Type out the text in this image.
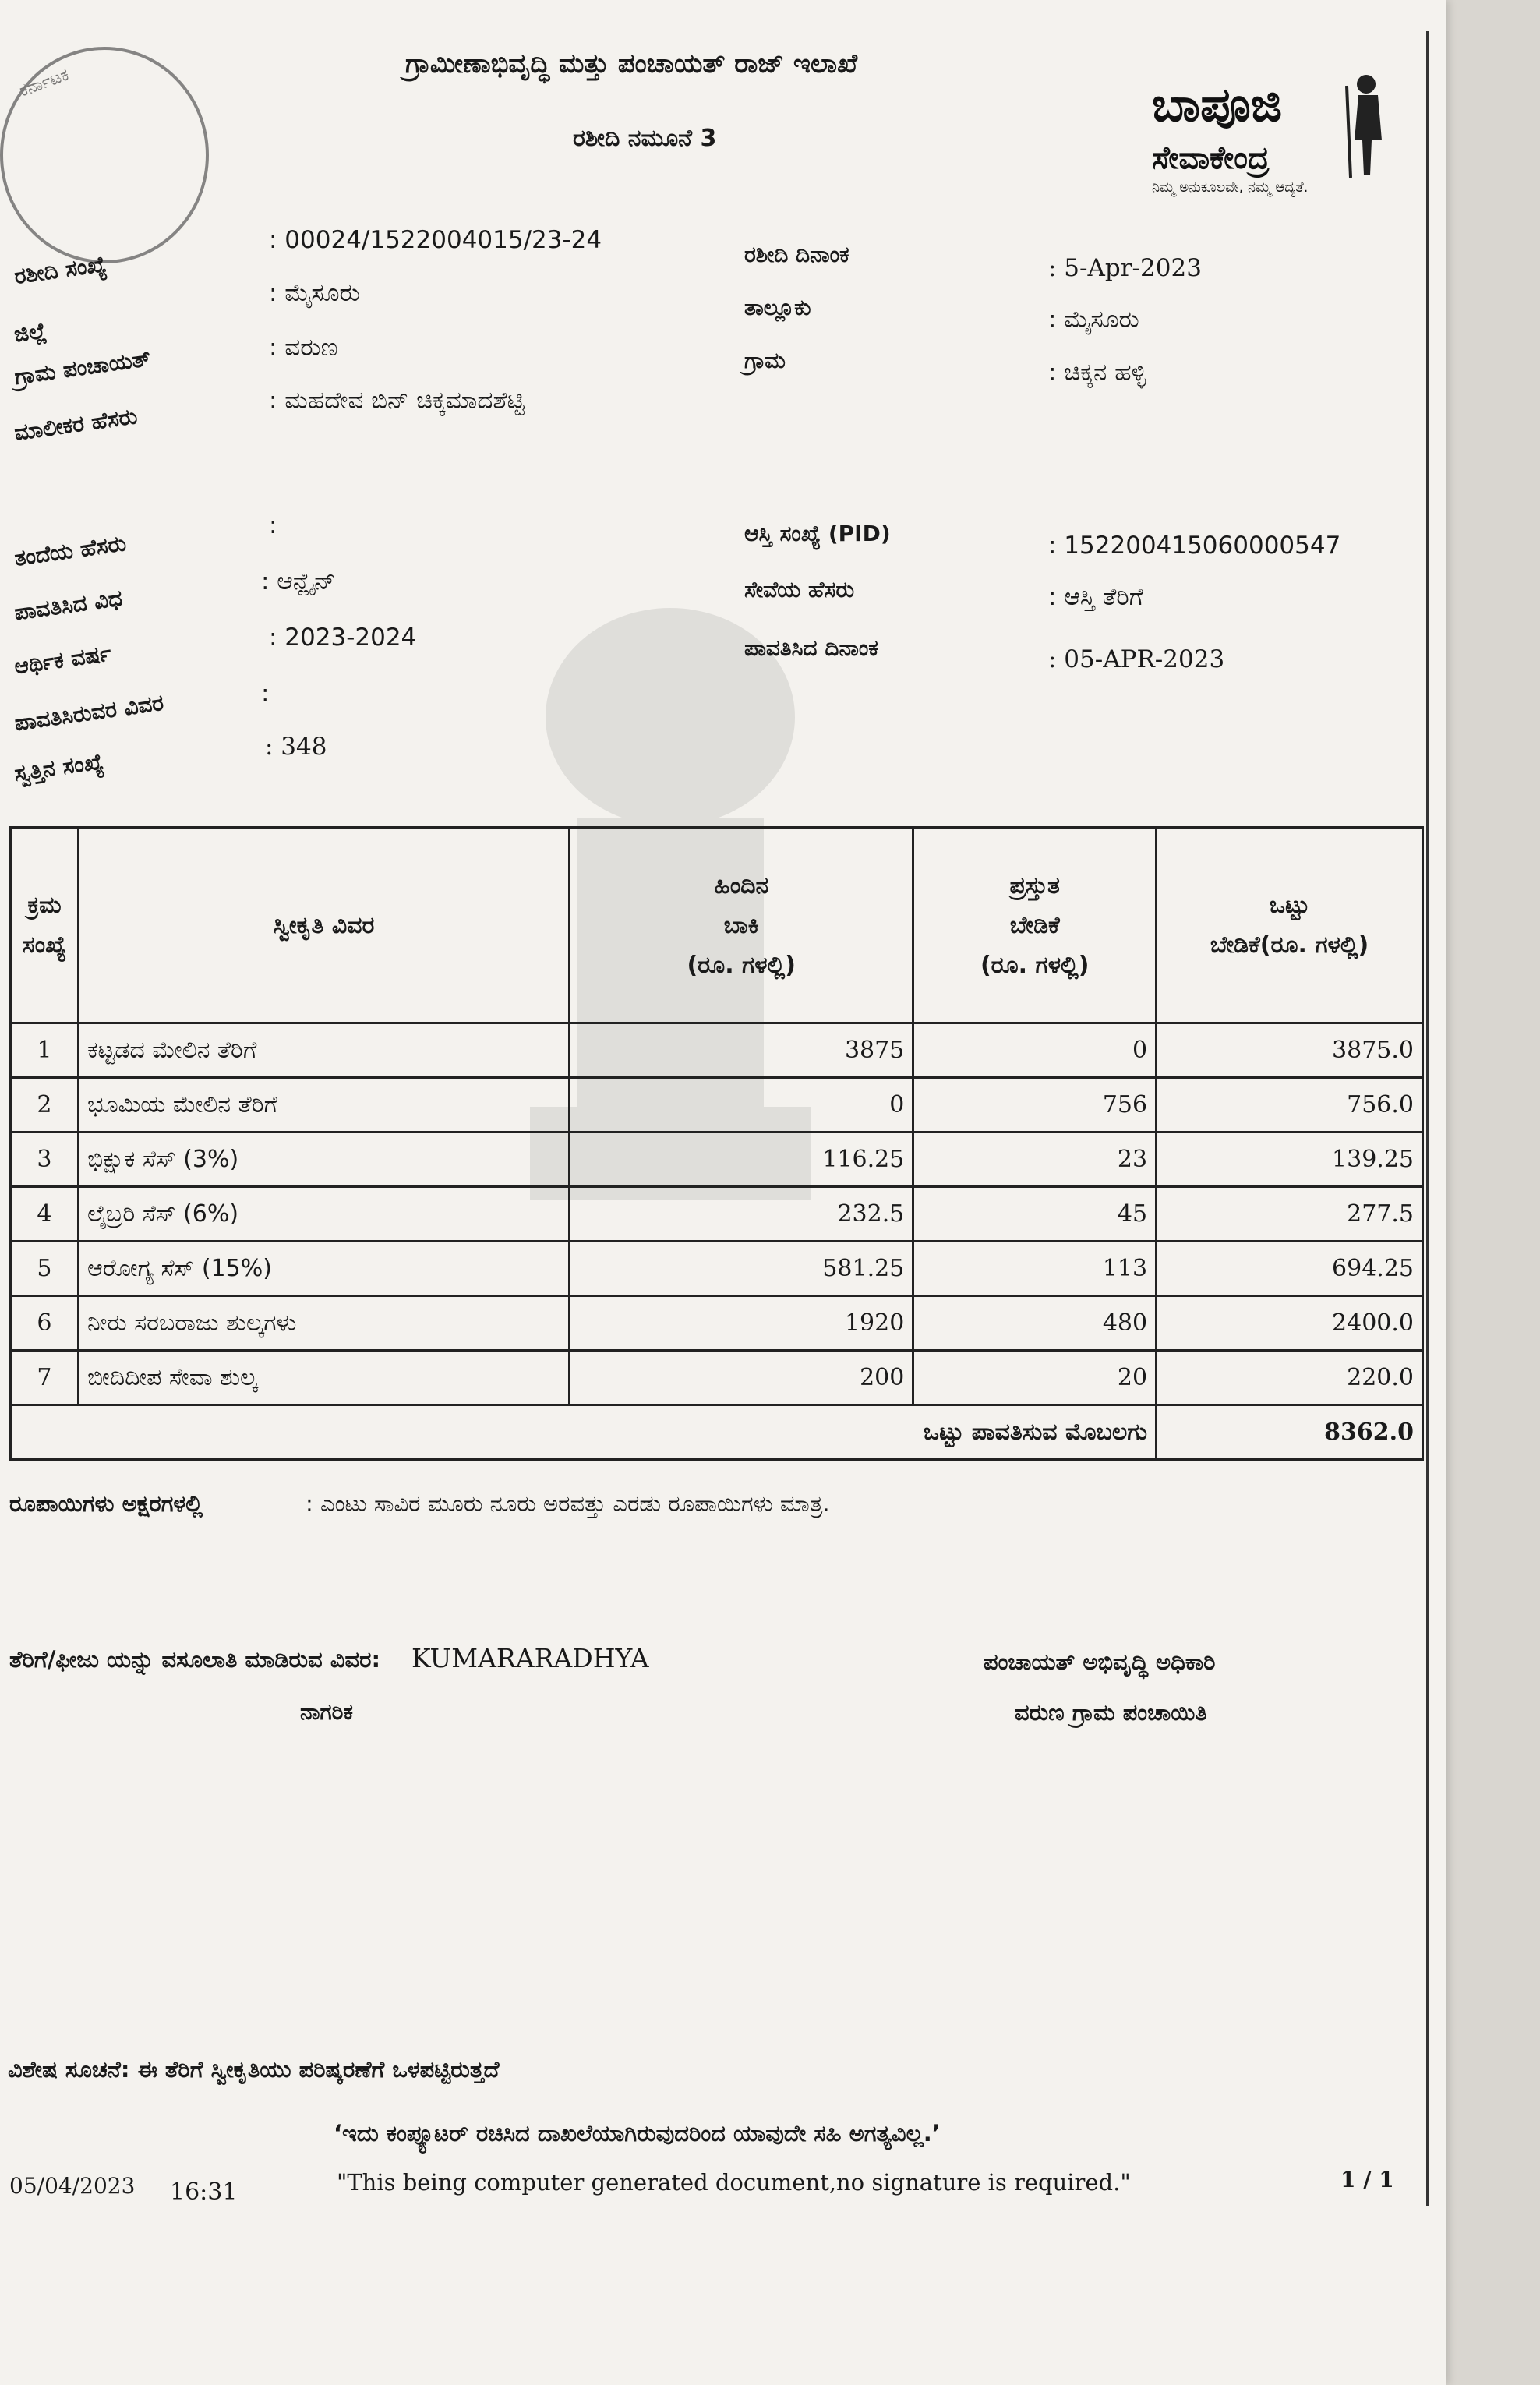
ಕರ್ನಾಟಕ
ಗ್ರಾಮೀಣಾಭಿವೃದ್ಧಿ ಮತ್ತು ಪಂಚಾಯತ್ ರಾಜ್ ಇಲಾಖೆ
ರಶೀದಿ ನಮೂನೆ 3
ಬಾಪೂಜಿ
ಸೇವಾಕೇಂದ್ರ
ನಿಮ್ಮ ಅನುಕೂಲವೇ, ನಮ್ಮ ಆದ್ಯತೆ.
ರಶೀದಿ ಸಂಖ್ಯೆ
: 00024/1522004015/23-24
ಜಿಲ್ಲೆ
: ಮೈಸೂರು
ಗ್ರಾಮ ಪಂಚಾಯತ್	: ವರುಣ
ಮಾಲೀಕರ ಹೆಸರು
: ಮಹದೇವ ಬಿನ್ ಚಿಕ್ಕಮಾದಶೆಟ್ಟಿ
ತಂದೆಯ ಹೆಸರು
:
ಪಾವತಿಸಿದ ವಿಧ
: ಆನ್ಲೈನ್
ಆರ್ಥಿಕ ವರ್ಷ
: 2023-2024
ಪಾವತಿಸಿರುವರ ವಿವರ	:
ಸ್ವತ್ತಿನ ಸಂಖ್ಯೆ
: 348
ರಶೀದಿ ದಿನಾಂಕ	: 5-Apr-2023
ತಾಲ್ಲೂಕು	: ಮೈಸೂರು
ಗ್ರಾಮ	: ಚಿಕ್ಕನ ಹಳ್ಳಿ
ಆಸ್ತಿ ಸಂಖ್ಯೆ (PID)	: 152200415060000547
ಸೇವೆಯ ಹೆಸರು	: ಆಸ್ತಿ ತೆರಿಗೆ
ಪಾವತಿಸಿದ ದಿನಾಂಕ	: 05-APR-2023
ಕ್ರಮ
ಸಂಖ್ಯೆ	ಸ್ವೀಕೃತಿ ವಿವರ	ಹಿಂದಿನ
ಬಾಕಿ
(ರೂ. ಗಳಲ್ಲಿ)	ಪ್ರಸ್ತುತ
ಬೇಡಿಕೆ
(ರೂ. ಗಳಲ್ಲಿ)	ಒಟ್ಟು
ಬೇಡಿಕೆ(ರೂ. ಗಳಲ್ಲಿ)
1	ಕಟ್ಟಡದ ಮೇಲಿನ ತೆರಿಗೆ	3875	0	3875.0
2	ಭೂಮಿಯ ಮೇಲಿನ ತೆರಿಗೆ	0	756	756.0
3	ಭಿಕ್ಷುಕ ಸೆಸ್ (3%)	116.25	23	139.25
4	ಲೈಬ್ರರಿ ಸೆಸ್ (6%)	232.5	45	277.5
5	ಆರೋಗ್ಯ ಸೆಸ್ (15%)	581.25	113	694.25
6	ನೀರು ಸರಬರಾಜು ಶುಲ್ಕಗಳು	1920	480	2400.0
7	ಬೀದಿದೀಪ ಸೇವಾ ಶುಲ್ಕ	200	20	220.0
ಒಟ್ಟು ಪಾವತಿಸುವ ಮೊಬಲಗು				8362.0
ರೂಪಾಯಿಗಳು ಅಕ್ಷರಗಳಲ್ಲಿ	: ಎಂಟು ಸಾವಿರ ಮೂರು ನೂರು ಅರವತ್ತು ಎರಡು ರೂಪಾಯಿಗಳು ಮಾತ್ರ.
ತೆರಿಗೆ/ಫೀಜು ಯನ್ನು ವಸೂಲಾತಿ ಮಾಡಿರುವ ವಿವರ: KUMARARADHYA
ನಾಗರಿಕ
ಪಂಚಾಯತ್ ಅಭಿವೃದ್ಧಿ ಅಧಿಕಾರಿ
ವರುಣ ಗ್ರಾಮ ಪಂಚಾಯಿತಿ
ವಿಶೇಷ ಸೂಚನೆ: ಈ ತೆರಿಗೆ ಸ್ವೀಕೃತಿಯು ಪರಿಷ್ಕರಣೆಗೆ ಒಳಪಟ್ಟಿರುತ್ತದೆ
‘ಇದು ಕಂಪ್ಯೂಟರ್ ರಚಿಸಿದ ದಾಖಲೆಯಾಗಿರುವುದರಿಂದ ಯಾವುದೇ ಸಹಿ ಅಗತ್ಯವಿಲ್ಲ.’
"This being computer generated document,no signature is required."
05/04/2023 16:31	1 / 1
